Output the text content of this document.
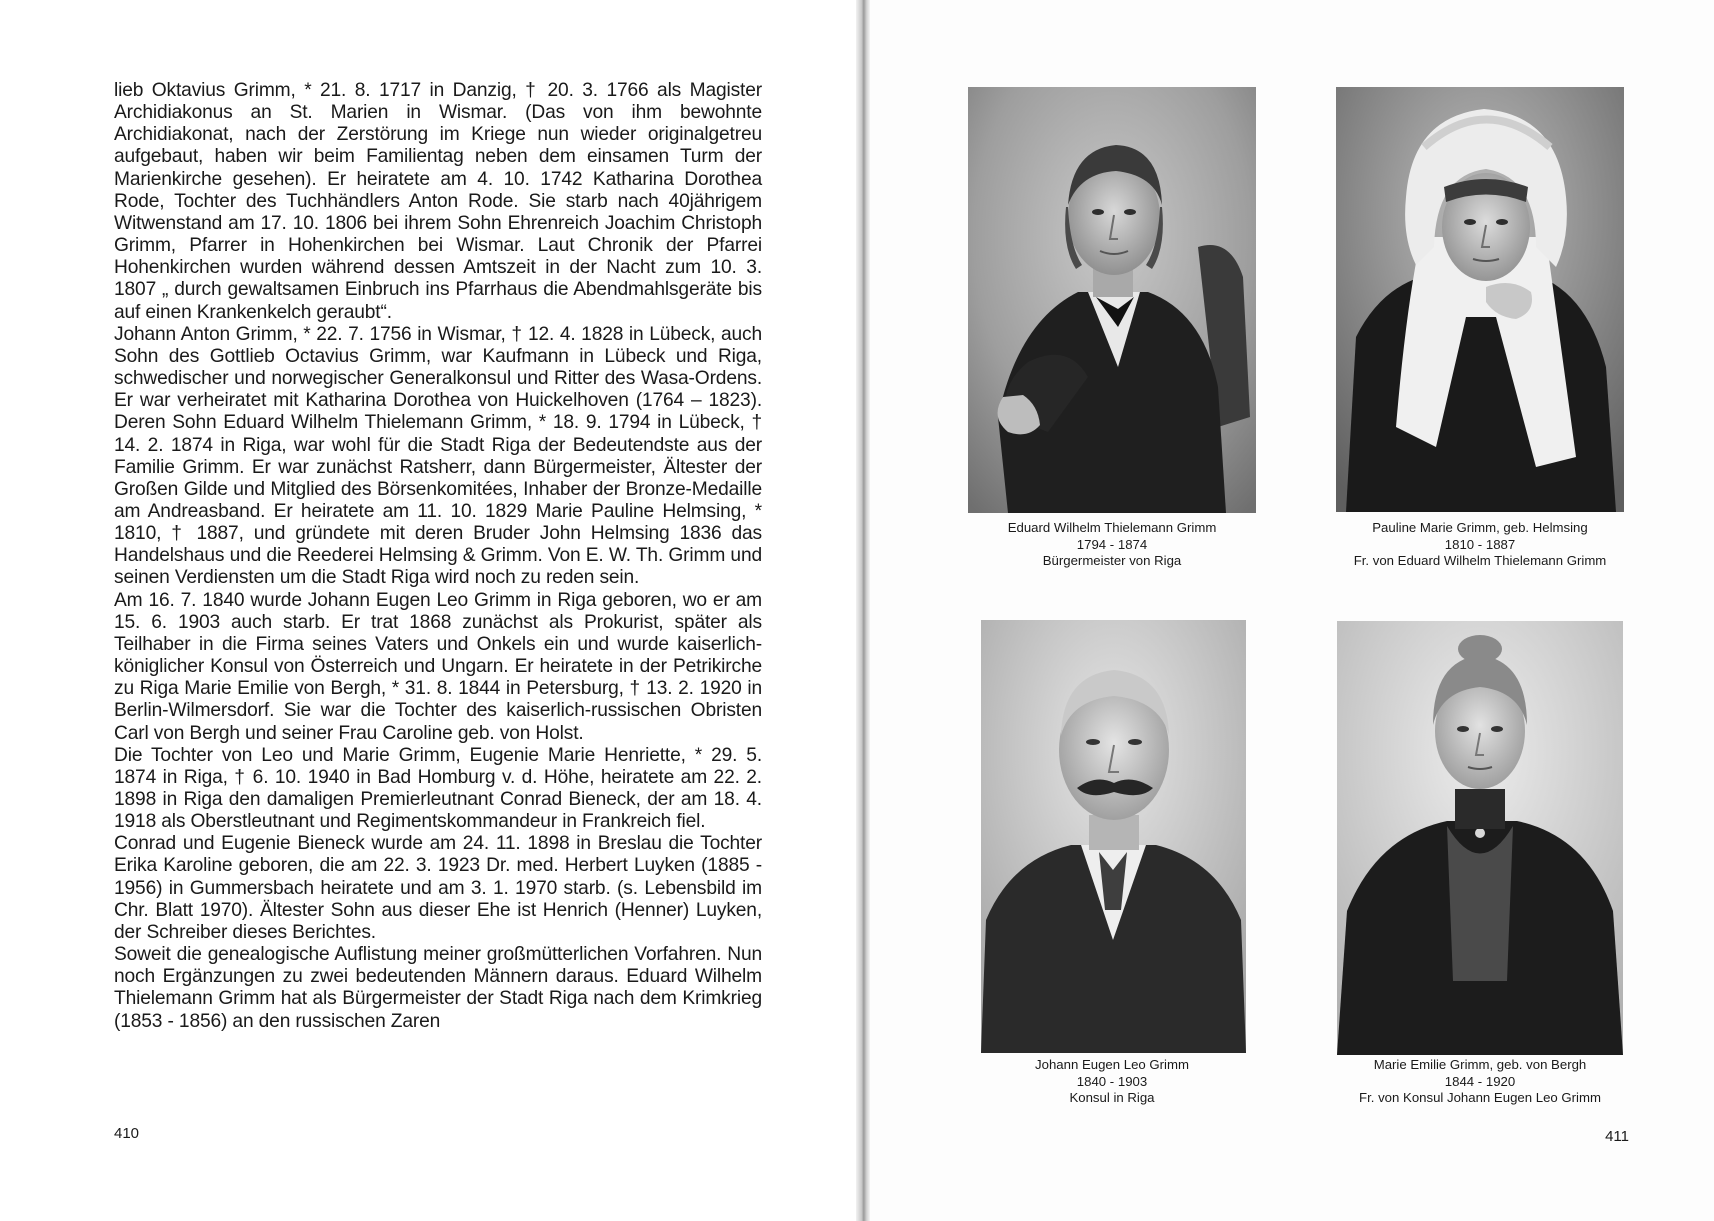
lieb Oktavius Grimm, * 21. 8. 1717 in Danzig, † 20. 3. 1766 als Magister Archidiakonus an St. Marien in Wismar. (Das von ihm bewohnte Archidiakonat, nach der Zerstörung im Kriege nun wieder originalgetreu aufgebaut, haben wir beim Familientag neben dem einsamen Turm der Marienkirche gesehen). Er heiratete am 4. 10. 1742 Katharina Dorothea Rode, Tochter des Tuchhändlers Anton Rode. Sie starb nach 40jährigem Witwenstand am 17. 10. 1806 bei ihrem Sohn Ehrenreich Joachim Christoph Grimm, Pfarrer in Hohenkirchen bei Wismar. Laut Chronik der Pfarrei Hohenkirchen wurden während dessen Amtszeit in der Nacht zum 10. 3. 1807 „ durch gewaltsamen Einbruch ins Pfarrhaus die Abendmahlsgeräte bis auf einen Krankenkelch geraubt“.

Johann Anton Grimm, * 22. 7. 1756 in Wismar, † 12. 4. 1828 in Lübeck, auch Sohn des Gottlieb Octavius Grimm, war Kaufmann in Lübeck und Riga, schwedischer und norwegischer Generalkonsul und Ritter des Wasa-Ordens. Er war verheiratet mit Katharina Dorothea von Huickelhoven (1764 – 1823). Deren Sohn Eduard Wilhelm Thielemann Grimm, * 18. 9. 1794 in Lübeck, † 14. 2. 1874 in Riga, war wohl für die Stadt Riga der Bedeutendste aus der Familie Grimm. Er war zunächst Ratsherr, dann Bürgermeister, Ältester der Großen Gilde und Mitglied des Börsenkomitées, Inhaber der Bronze-Medaille am Andreasband. Er heiratete am 11. 10. 1829 Marie Pauline Helmsing, * 1810, † 1887, und gründete mit deren Bruder John Helmsing 1836 das Handelshaus und die Reederei Helmsing & Grimm. Von E. W. Th. Grimm und seinen Verdiensten um die Stadt Riga wird noch zu reden sein.

Am 16. 7. 1840 wurde Johann Eugen Leo Grimm in Riga geboren, wo er am 15. 6. 1903 auch starb. Er trat 1868 zunächst als Prokurist, später als Teilhaber in die Firma seines Vaters und Onkels ein und wurde kaiserlich-königlicher Konsul von Österreich und Ungarn. Er heiratete in der Petrikirche zu Riga Marie Emilie von Bergh, * 31. 8. 1844 in Petersburg, † 13. 2. 1920 in Berlin-Wilmersdorf. Sie war die Tochter des kaiserlich-russischen Obristen Carl von Bergh und seiner Frau Caroline geb. von Holst.

Die Tochter von Leo und Marie Grimm, Eugenie Marie Henriette, * 29. 5. 1874 in Riga, † 6. 10. 1940 in Bad Homburg v. d. Höhe, heiratete am 22. 2. 1898 in Riga den damaligen Premierleutnant Conrad Bieneck, der am 18. 4. 1918 als Oberstleutnant und Regimentskommandeur in Frankreich fiel.

Conrad und Eugenie Bieneck wurde am 24. 11. 1898 in Breslau die Tochter Erika Karoline geboren, die am 22. 3. 1923 Dr. med. Herbert Luyken (1885 - 1956) in Gummersbach heiratete und am 3. 1. 1970 starb. (s. Lebensbild im Chr. Blatt 1970). Ältester Sohn aus dieser Ehe ist Henrich (Henner) Luyken, der Schreiber dieses Berichtes.

Soweit die genealogische Auflistung meiner großmütterlichen Vorfahren. Nun noch Ergänzungen zu zwei bedeutenden Männern daraus. Eduard Wilhelm Thielemann Grimm hat als Bürgermeister der Stadt Riga nach dem Krimkrieg (1853 - 1856) an den russischen Zaren

410
Eduard Wilhelm Thielemann Grimm
1794 - 1874
Bürgermeister von Riga
Pauline Marie Grimm, geb. Helmsing
1810 - 1887
Fr. von Eduard Wilhelm Thielemann Grimm
Johann Eugen Leo Grimm
1840 - 1903
Konsul in Riga
Marie Emilie Grimm, geb. von Bergh
1844 - 1920
Fr. von Konsul Johann Eugen Leo Grimm
411
